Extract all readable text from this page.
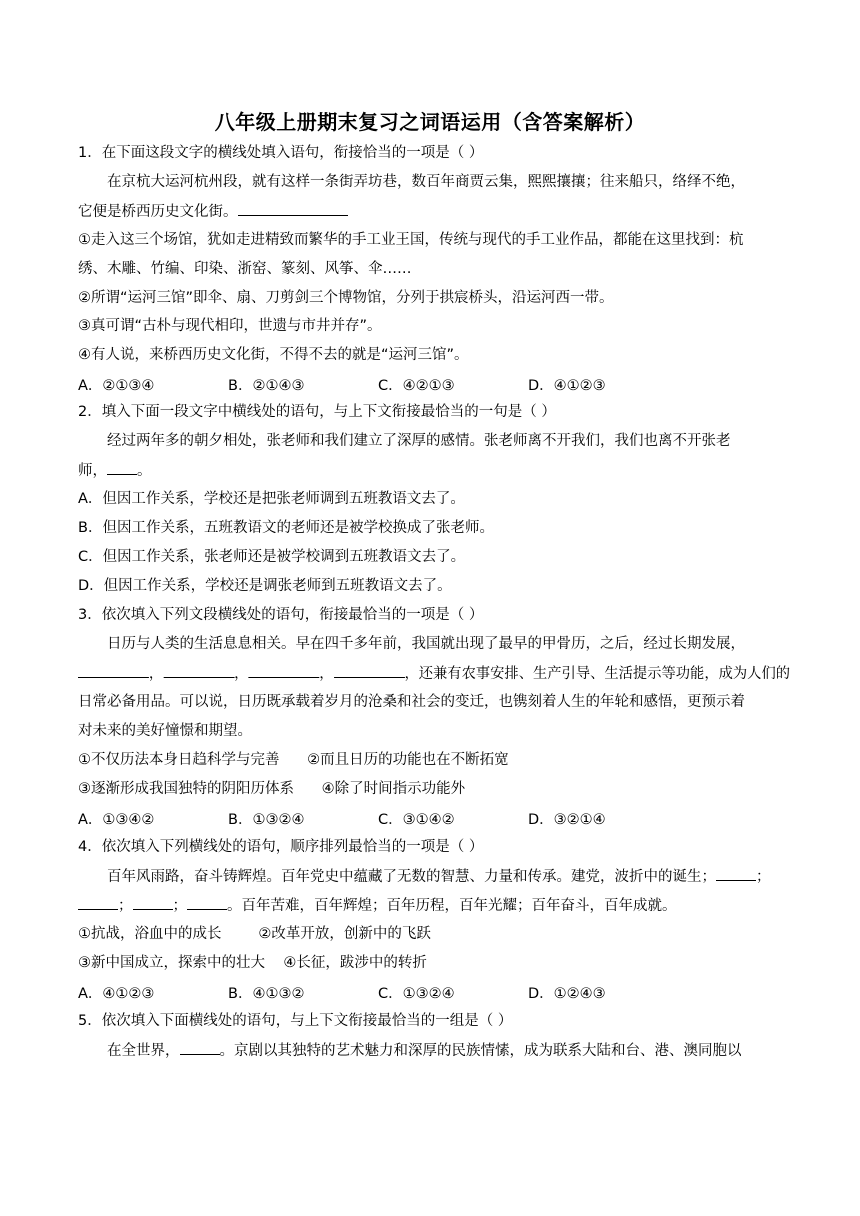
八年级上册期末复习之词语运用（含答案解析）
1．在下面这段文字的横线处填入语句，衔接恰当的一项是（ ）
在京杭大运河杭州段，就有这样一条街弄坊巷，数百年商贾云集，熙熙攘攘；往来船只，络绎不绝，
它便是桥西历史文化街。
①走入这三个场馆，犹如走进精致而繁华的手工业王国，传统与现代的手工业作品，都能在这里找到：杭
绣、木雕、竹编、印染、浙窑、篆刻、风筝、伞……
②所谓“运河三馆”即伞、扇、刀剪剑三个博物馆，分列于拱宸桥头，沿运河西一带。
③真可谓“古朴与现代相印，世遗与市井并存”。
④有人说，来桥西历史文化街，不得不去的就是“运河三馆”。
A．②①③④	B．②①④③	C．④②①③	D．④①②③
2．填入下面一段文字中横线处的语句，与上下文衔接最恰当的一句是（ ）
经过两年多的朝夕相处，张老师和我们建立了深厚的感情。张老师离不开我们，我们也离不开张老
师， 。
A．但因工作关系，学校还是把张老师调到五班教语文去了。
B．但因工作关系，五班教语文的老师还是被学校换成了张老师。
C．但因工作关系，张老师还是被学校调到五班教语文去了。
D．但因工作关系，学校还是调张老师到五班教语文去了。
3．依次填入下列文段横线处的语句，衔接最恰当的一项是（ ）
日历与人类的生活息息相关。早在四千多年前，我国就出现了最早的甲骨历，之后，经过长期发展，
，	，	，	，还兼有农事安排、生产引导、生活提示等功能，成为人们的
日常必备用品。可以说，日历既承载着岁月的沧桑和社会的变迁，也镌刻着人生的年轮和感悟，更预示着
对未来的美好憧憬和期望。
①不仅历法本身日趋科学与完善      ②而且日历的功能也在不断拓宽
③逐渐形成我国独特的阴阳历体系      ④除了时间指示功能外
A．①③④②	B．①③②④	C．③①④②	D．③②①④
4．依次填入下列横线处的语句，顺序排列最恰当的一项是（ ）
百年风雨路，奋斗铸辉煌。百年党史中蕴藏了无数的智慧、力量和传承。建党，波折中的诞生；	；
；	；	。百年苦难，百年辉煌；百年历程，百年光耀；百年奋斗，百年成就。
①抗战，浴血中的成长        ②改革开放，创新中的飞跃
③新中国成立，探索中的壮大    ④长征，跋涉中的转折
A．④①②③	B．④①③②	C．①③②④	D．①②④③
5．依次填入下面横线处的语句，与上下文衔接最恰当的一组是（ ）
在全世界，	。京剧以其独特的艺术魅力和深厚的民族情愫，成为联系大陆和台、港、澳同胞以
